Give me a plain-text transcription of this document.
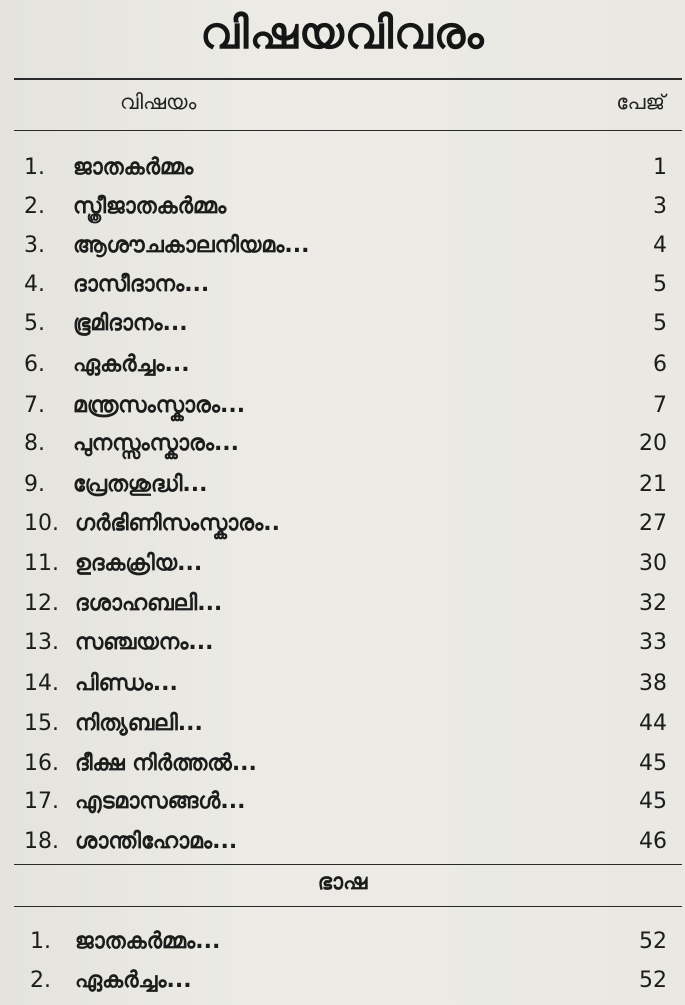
വിഷയവിവരം
വിഷയം	പേജ്
1. ജാതകർമ്മം	1
2. സ്ത്രീജാതകർമ്മം	3
3. ആശൗചകാലനിയമം...	4
4. ദാസീദാനം...	5
5. ഭൂമിദാനം...	5
6. ഏകർച്ചം...	6
7. മന്ത്രസംസ്കാരം...	7
8. പുനസ്സംസ്കാരം...	20
9. പ്രേതശുദ്ധി...	21
10. ഗർഭിണിസംസ്കാരം..	27
11. ഉദകക്രിയ...	30
12. ദശാഹബലി...	32
13. സഞ്ചയനം...	33
14. പിണ്ഡം...	38
15. നിത്യബലി...	44
16. ദീക്ഷ നിർത്തൽ...	45
17. എടമാസങ്ങൾ...	45
18. ശാന്തിഹോമം...	46
ഭാഷ
1. ജാതകർമ്മം...	52
2. ഏകർച്ചം...	52
